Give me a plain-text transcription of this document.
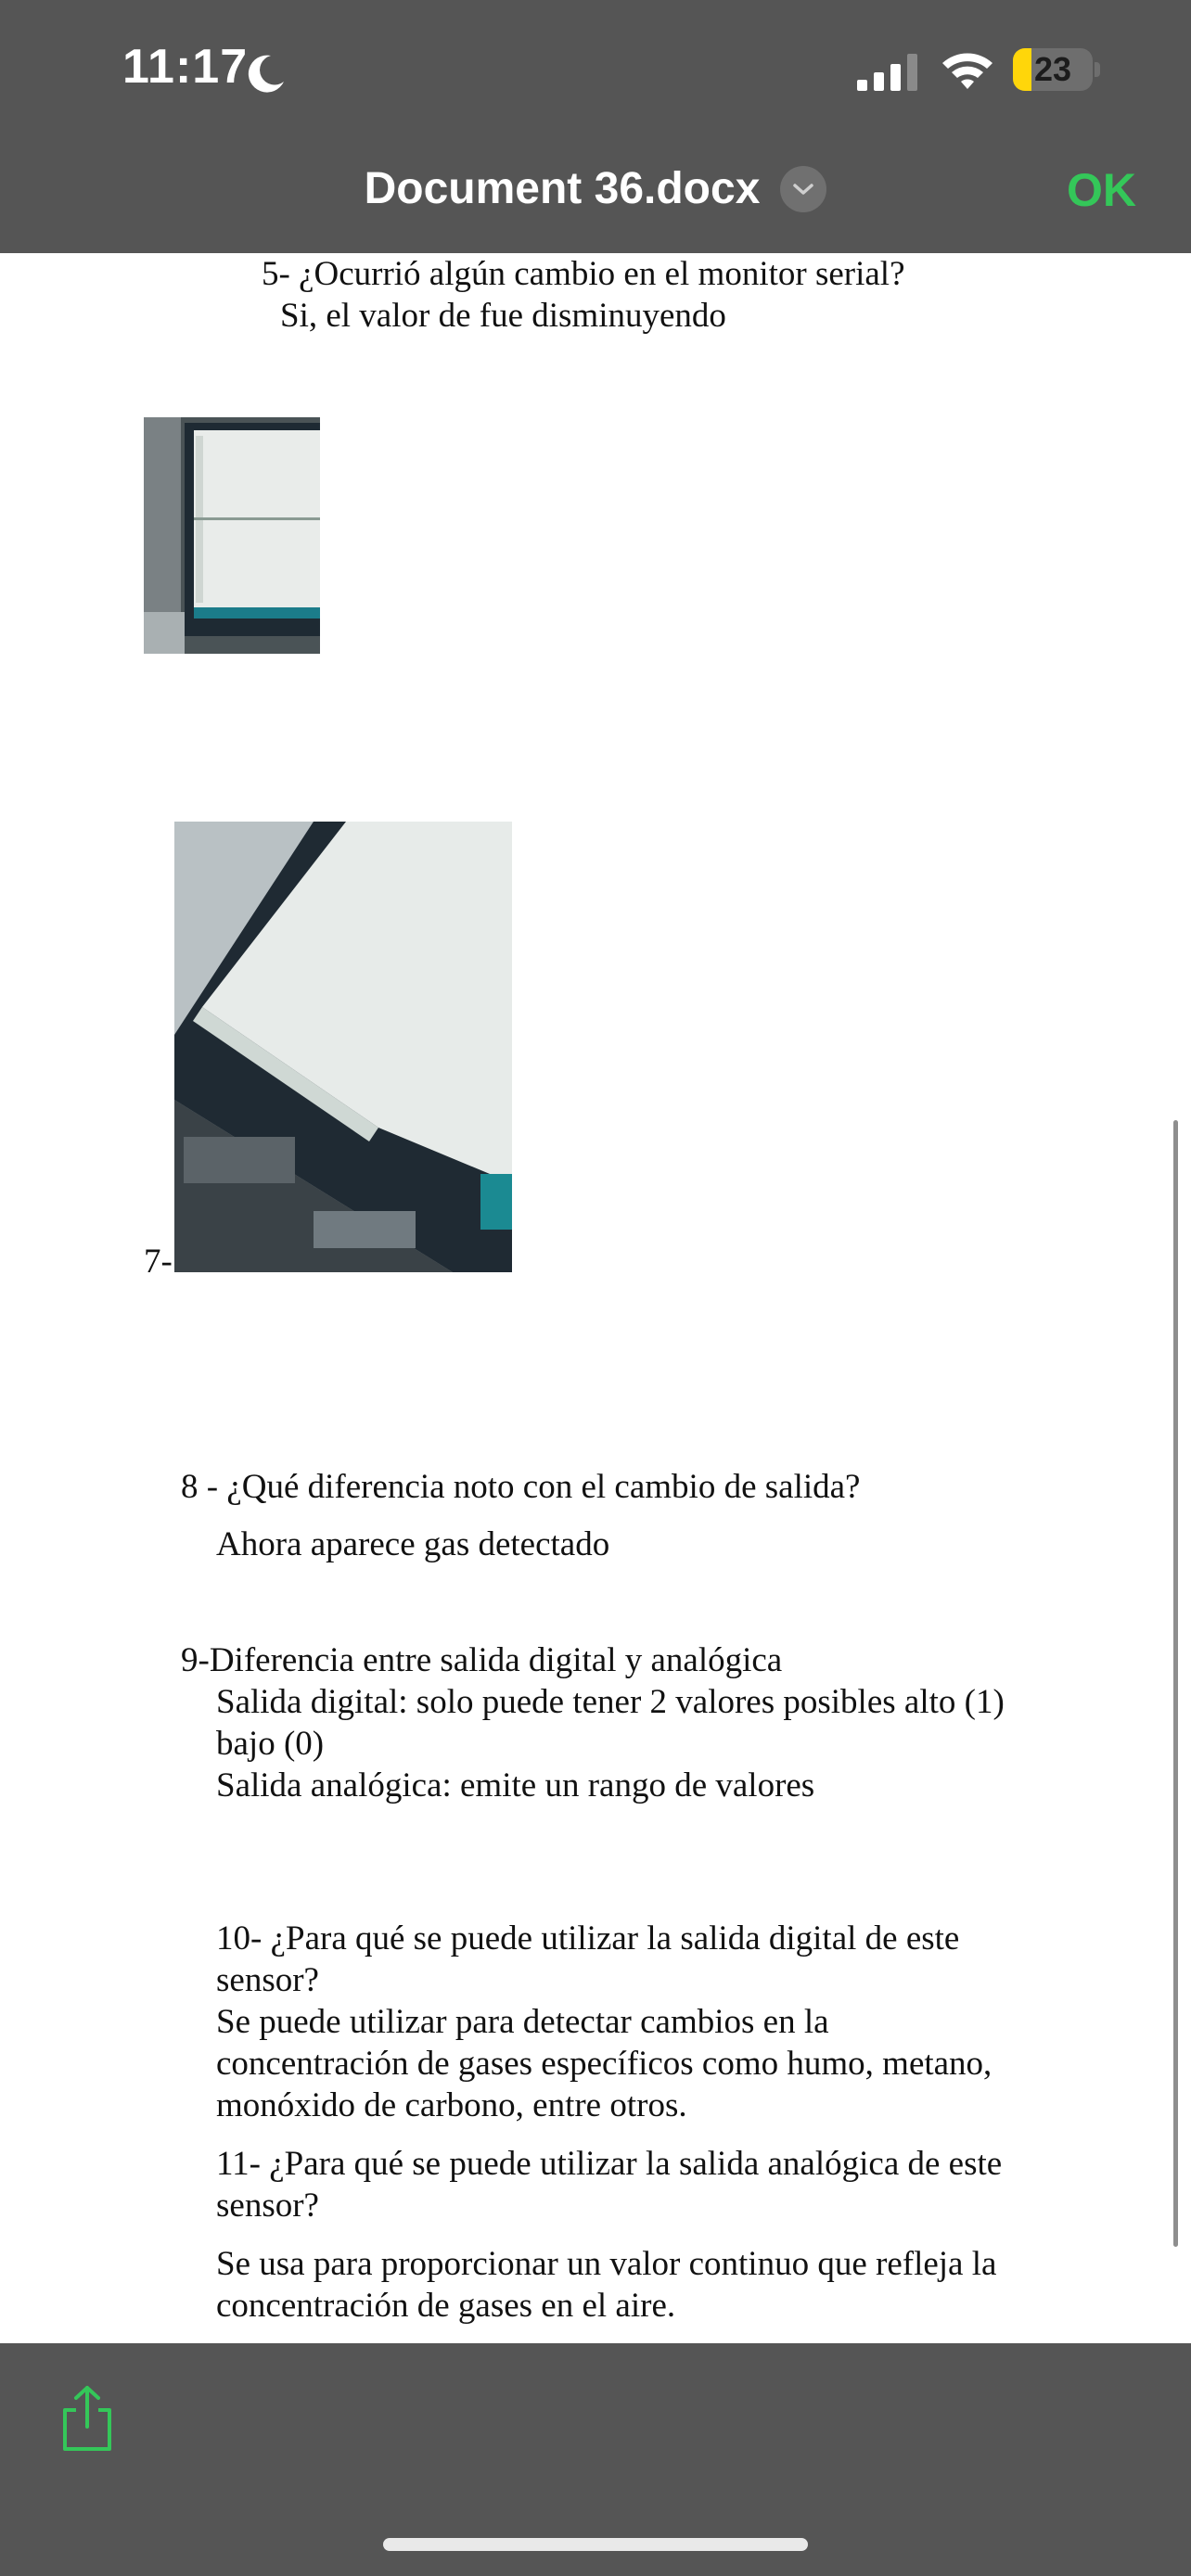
11:17	23
Document 36.docx	OK
5- ¿Ocurrió algún cambio en el monitor serial?
Si, el valor de fue disminuyendo
7-
8 - ¿Qué diferencia noto con el cambio de salida?
Ahora aparece gas detectado
9-Diferencia entre salida digital y analógica
Salida digital: solo puede tener 2 valores posibles alto (1)
bajo (0)
Salida analógica: emite un rango de valores
10- ¿Para qué se puede utilizar la salida digital de este
sensor?
Se puede utilizar para detectar cambios en la
concentración de gases específicos como humo, metano,
monóxido de carbono, entre otros.
11- ¿Para qué se puede utilizar la salida analógica de este
sensor?
Se usa para proporcionar un valor continuo que refleja la
concentración de gases en el aire.
